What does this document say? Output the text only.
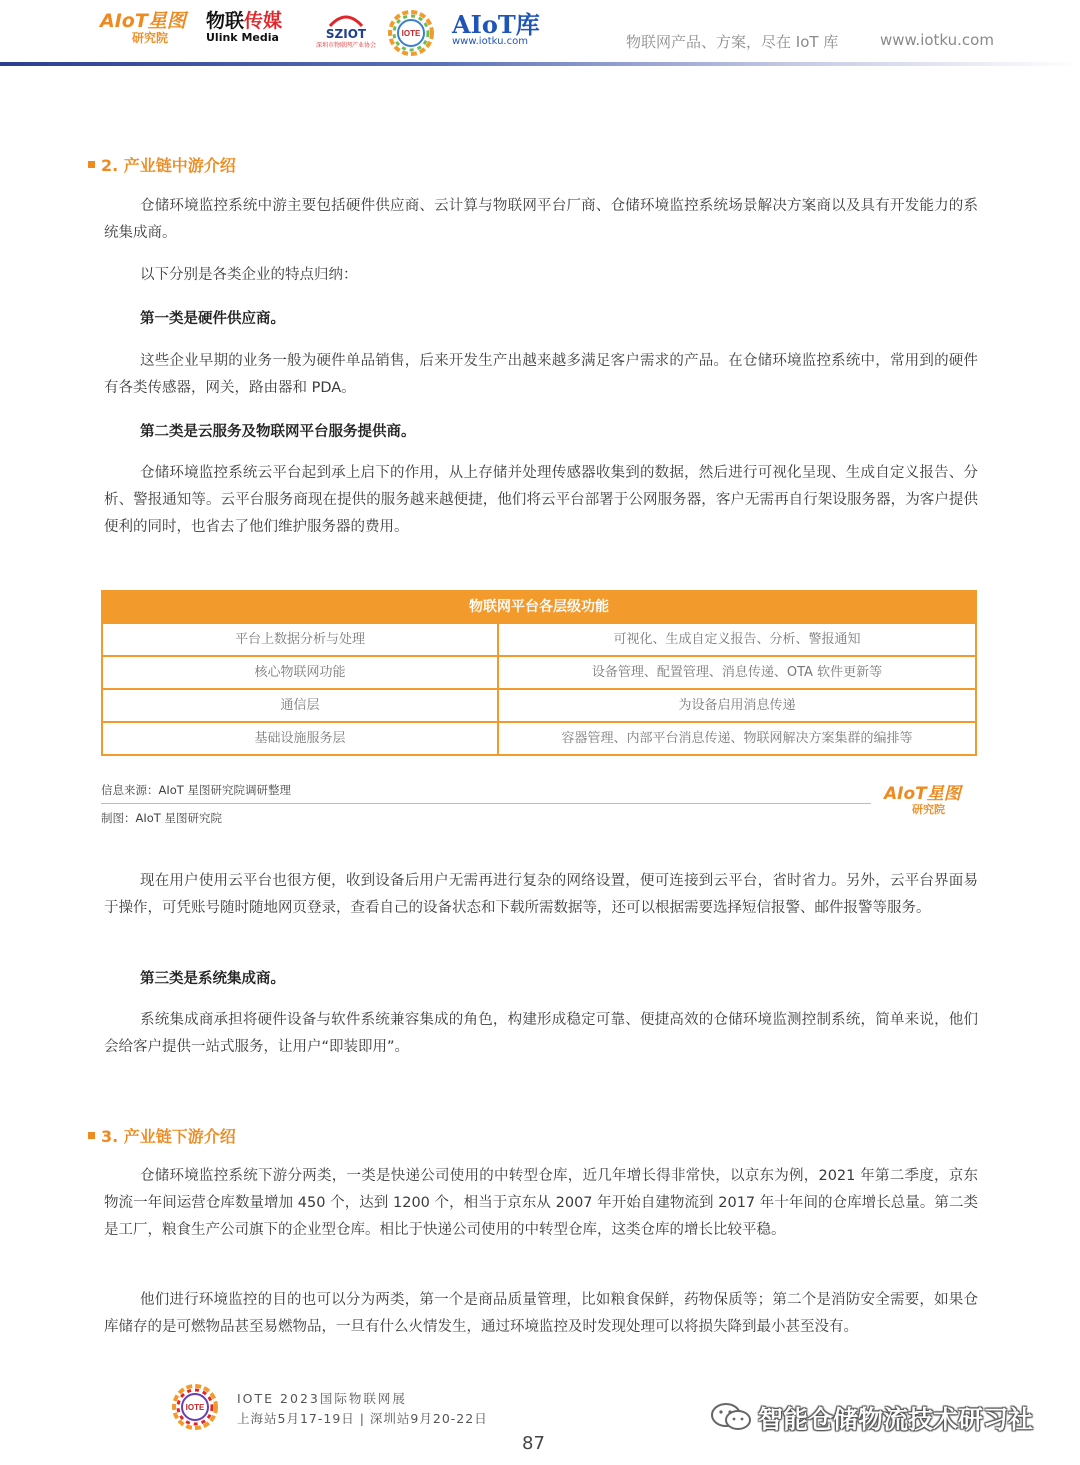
AIoT星图
研究院
物联传媒
Ulink Media	SZIOT
深圳市物联网产业协会
IOTE AIoT库
www.iotku.com	物联网产品、方案，尽在 IoT 库	www.iotku.com
2. 产业链中游介绍
仓储环境监控系统中游主要包括硬件供应商、云计算与物联网平台厂商、仓储环境监控系统场景解决方案商以及具有开发能力的系统集成商。
以下分别是各类企业的特点归纳：
第一类是硬件供应商。
这些企业早期的业务一般为硬件单品销售，后来开发生产出越来越多满足客户需求的产品。在仓储环境监控系统中，常用到的硬件有各类传感器，网关，路由器和 PDA。
第二类是云服务及物联网平台服务提供商。
仓储环境监控系统云平台起到承上启下的作用，从上存储并处理传感器收集到的数据，然后进行可视化呈现、生成自定义报告、分析、警报通知等。云平台服务商现在提供的服务越来越便捷，他们将云平台部署于公网服务器，客户无需再自行架设服务器，为客户提供便利的同时，也省去了他们维护服务器的费用。
物联网平台各层级功能
平台上数据分析与处理	可视化、生成自定义报告、分析、警报通知
核心物联网功能	设备管理、配置管理、消息传递、OTA 软件更新等
通信层	为设备启用消息传递
基础设施服务层	容器管理、内部平台消息传递、物联网解决方案集群的编排等
信息来源：AIoT 星图研究院调研整理
制图：AIoT 星图研究院
AIoT星图
研究院
现在用户使用云平台也很方便，收到设备后用户无需再进行复杂的网络设置，便可连接到云平台，省时省力。另外，云平台界面易于操作，可凭账号随时随地网页登录，查看自己的设备状态和下载所需数据等，还可以根据需要选择短信报警、邮件报警等服务。
第三类是系统集成商。
系统集成商承担将硬件设备与软件系统兼容集成的角色，构建形成稳定可靠、便捷高效的仓储环境监测控制系统，简单来说，他们会给客户提供一站式服务，让用户“即装即用”。
3. 产业链下游介绍
仓储环境监控系统下游分两类，一类是快递公司使用的中转型仓库，近几年增长得非常快，以京东为例，2021 年第二季度，京东物流一年间运营仓库数量增加 450 个，达到 1200 个，相当于京东从 2007 年开始自建物流到 2017 年十年间的仓库增长总量。第二类是工厂，粮食生产公司旗下的企业型仓库。相比于快递公司使用的中转型仓库，这类仓库的增长比较平稳。
他们进行环境监控的目的也可以分为两类，第一个是商品质量管理，比如粮食保鲜，药物保质等；第二个是消防安全需要，如果仓库储存的是可燃物品甚至易燃物品，一旦有什么火情发生，通过环境监控及时发现处理可以将损失降到最小甚至没有。
IOTE
IOTE 2023国际物联网展
上海站5月17-19日 | 深圳站9月20-22日
87
智能仓储物流技术研习社
